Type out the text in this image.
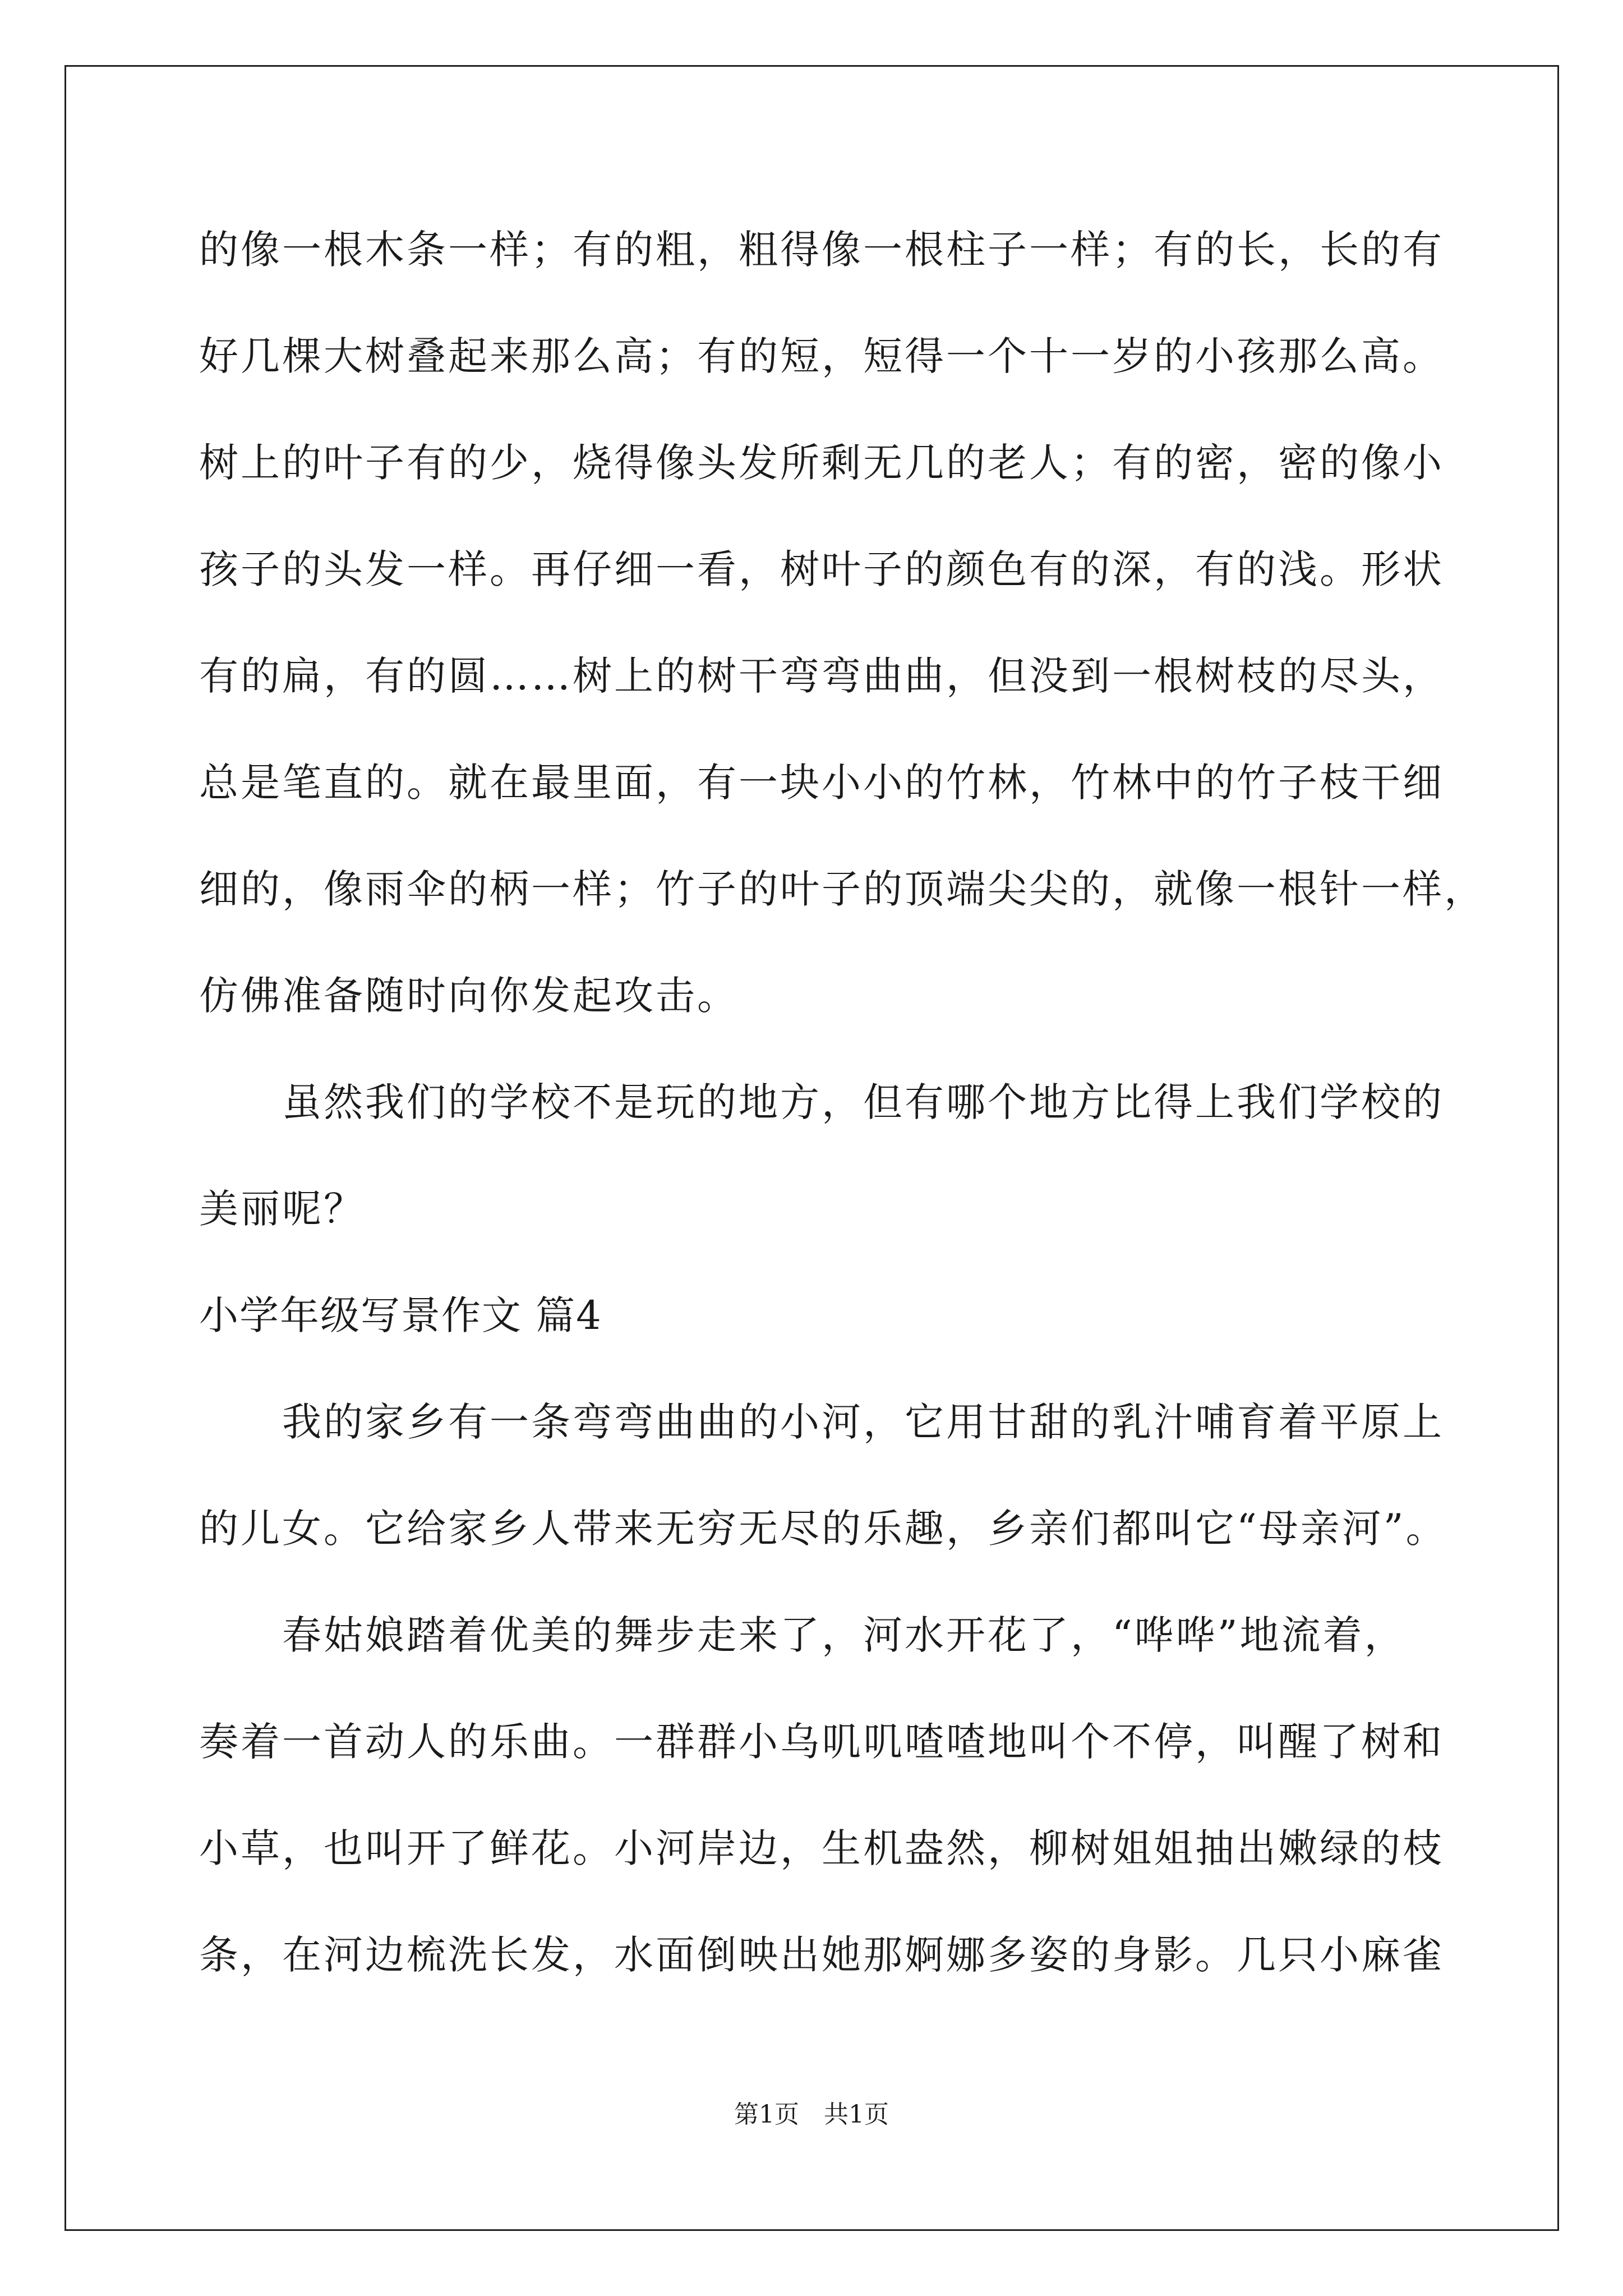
的像一根木条一样；有的粗，粗得像一根柱子一样；有的长，长的有
好几棵大树叠起来那么高；有的短，短得一个十一岁的小孩那么高。
树上的叶子有的少，烧得像头发所剩无几的老人；有的密，密的像小
孩子的头发一样。再仔细一看，树叶子的颜色有的深，有的浅。形状
有的扁，有的圆……树上的树干弯弯曲曲，但没到一根树枝的尽头，
总是笔直的。就在最里面，有一块小小的竹林，竹林中的竹子枝干细
细的，像雨伞的柄一样；竹子的叶子的顶端尖尖的，就像一根针一样，
仿佛准备随时向你发起攻击。
　　虽然我们的学校不是玩的地方，但有哪个地方比得上我们学校的
美丽呢？
小学年级写景作文 篇4
　　我的家乡有一条弯弯曲曲的小河，它用甘甜的乳汁哺育着平原上
的儿女。它给家乡人带来无穷无尽的乐趣，乡亲们都叫它“母亲河”。
　　春姑娘踏着优美的舞步走来了，河水开花了，“哗哗”地流着，
奏着一首动人的乐曲。一群群小乌叽叽喳喳地叫个不停，叫醒了树和
小草，也叫开了鲜花。小河岸边，生机盎然，柳树姐姐抽出嫩绿的枝
条，在河边梳洗长发，水面倒映出她那婀娜多姿的身影。几只小麻雀
第1页　共1页
